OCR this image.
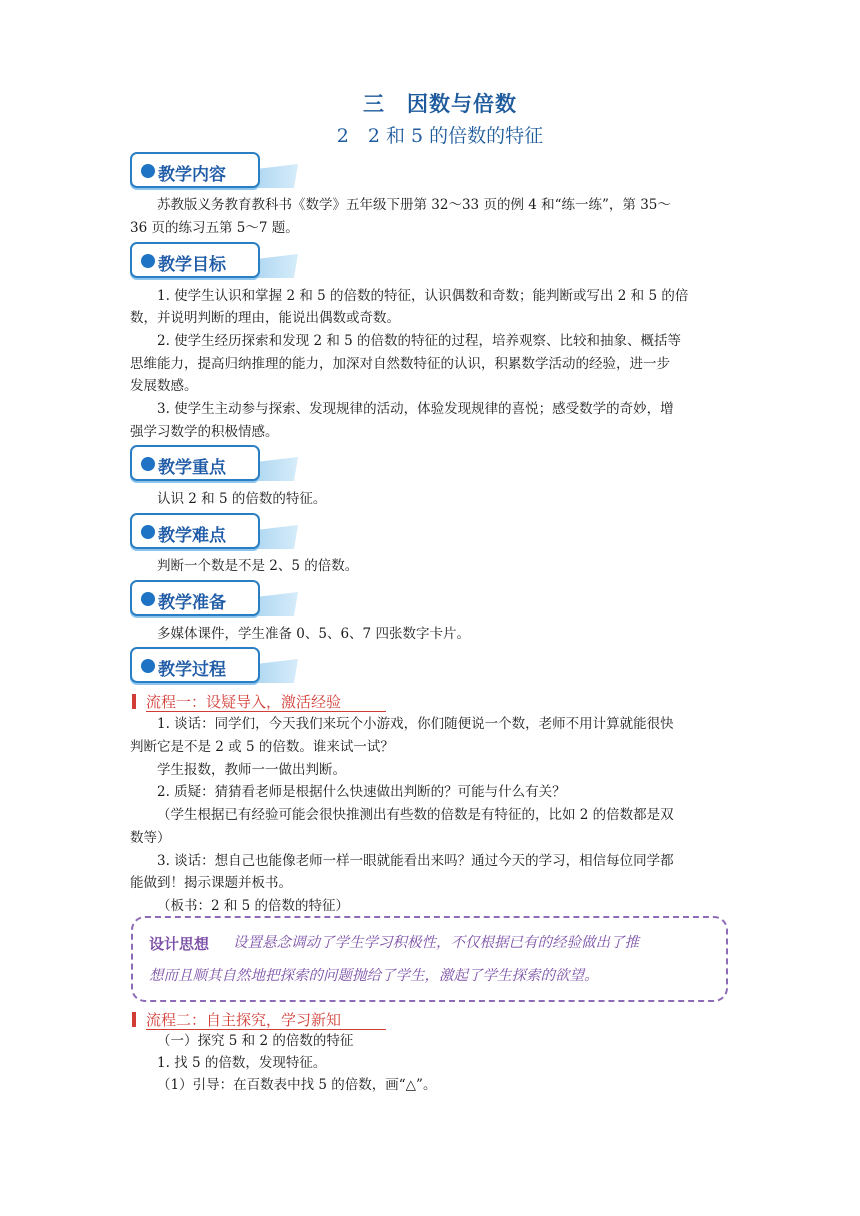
三　因数与倍数
2　2 和 5 的倍数的特征
教学内容
苏教版义务教育教科书《数学》五年级下册第 32～33 页的例 4 和“练一练”，第 35～
36 页的练习五第 5～7 题。
教学目标
1. 使学生认识和掌握 2 和 5 的倍数的特征，认识偶数和奇数；能判断或写出 2 和 5 的倍
数，并说明判断的理由，能说出偶数或奇数。
2. 使学生经历探索和发现 2 和 5 的倍数的特征的过程，培养观察、比较和抽象、概括等
思维能力，提高归纳推理的能力，加深对自然数特征的认识，积累数学活动的经验，进一步
发展数感。
3. 使学生主动参与探索、发现规律的活动，体验发现规律的喜悦；感受数学的奇妙，增
强学习数学的积极情感。
教学重点
认识 2 和 5 的倍数的特征。
教学难点
判断一个数是不是 2、5 的倍数。
教学准备
多媒体课件，学生准备 0、5、6、7 四张数字卡片。
教学过程
流程一：设疑导入，激活经验
1. 谈话：同学们，今天我们来玩个小游戏，你们随便说一个数，老师不用计算就能很快
判断它是不是 2 或 5 的倍数。谁来试一试？
学生报数，教师一一做出判断。
2. 质疑：猜猜看老师是根据什么快速做出判断的？可能与什么有关？
（学生根据已有经验可能会很快推测出有些数的倍数是有特征的，比如 2 的倍数都是双
数等）
3. 谈话：想自己也能像老师一样一眼就能看出来吗？通过今天的学习，相信每位同学都
能做到！揭示课题并板书。
（板书：2 和 5 的倍数的特征）
设计思想 设置悬念调动了学生学习积极性，不仅根据已有的经验做出了推
想而且顺其自然地把探索的问题抛给了学生，激起了学生探索的欲望。
流程二：自主探究，学习新知
（一）探究 5 和 2 的倍数的特征
1. 找 5 的倍数，发现特征。
（1）引导：在百数表中找 5 的倍数，画“△”。
